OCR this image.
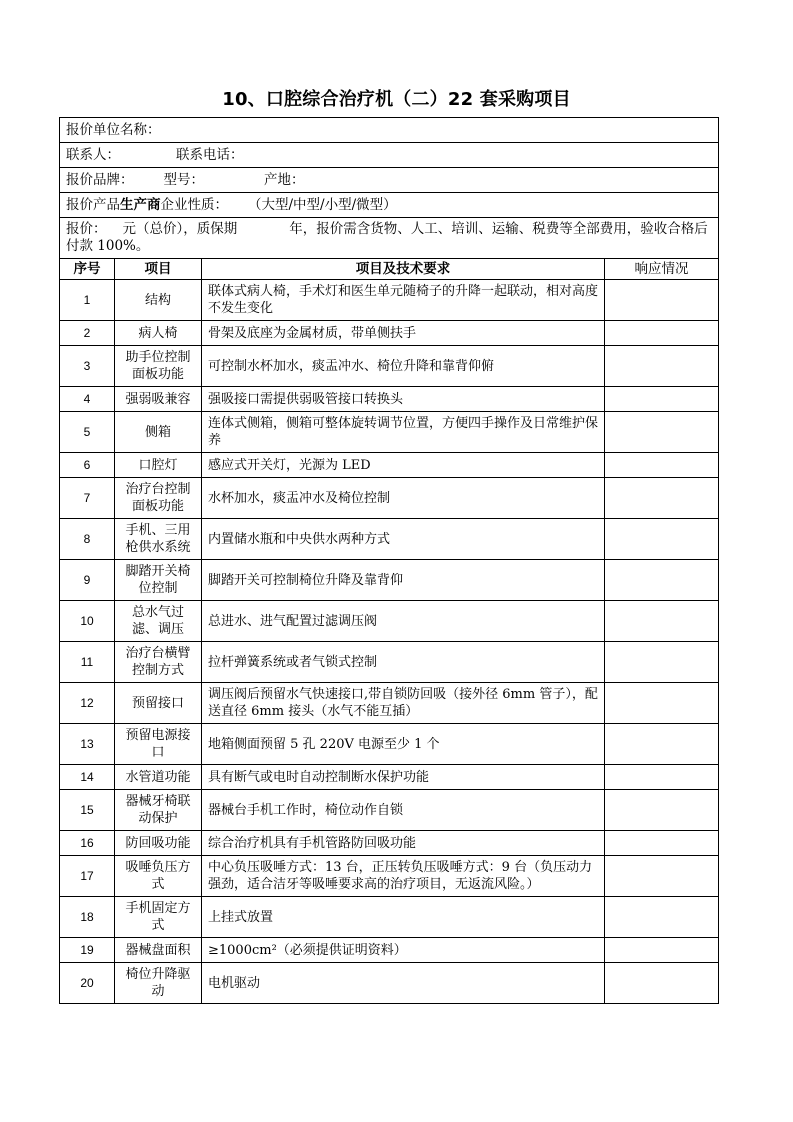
10、口腔综合治疗机（二）22 套采购项目
报价单位名称：			
联系人： 联系电话：			
报价品牌： 型号： 产地：			
报价产品生产商企业性质： （大型/中型/小型/微型）			
报价： 元（总价），质保期 年，报价需含货物、人工、培训、运输、税费等全部费用，验收合格后付款 100%。			
序号	项目	项目及技术要求	响应情况
1	结构	联体式病人椅，手术灯和医生单元随椅子的升降一起联动，相对高度不发生变化	
2	病人椅	骨架及底座为金属材质，带单侧扶手	
3	助手位控制面板功能	可控制水杯加水，痰盂冲水、椅位升降和靠背仰俯	
4	强弱吸兼容	强吸接口需提供弱吸管接口转换头	
5	侧箱	连体式侧箱，侧箱可整体旋转调节位置，方便四手操作及日常维护保养	
6	口腔灯	感应式开关灯，光源为 LED	
7	治疗台控制面板功能	水杯加水，痰盂冲水及椅位控制	
8	手机、三用枪供水系统	内置储水瓶和中央供水两种方式	
9	脚踏开关椅位控制	脚踏开关可控制椅位升降及靠背仰	
10	总水气过滤、调压	总进水、进气配置过滤调压阀	
11	治疗台横臂控制方式	拉杆弹簧系统或者气锁式控制	
12	预留接口	调压阀后预留水气快速接口,带自锁防回吸（接外径 6mm 管子），配送直径 6mm 接头（水气不能互插）	
13	预留电源接口	地箱侧面预留 5 孔 220V 电源至少 1 个	
14	水管道功能	具有断气或电时自动控制断水保护功能	
15	器械牙椅联动保护	器械台手机工作时，椅位动作自锁	
16	防回吸功能	综合治疗机具有手机管路防回吸功能	
17	吸唾负压方式	中心负压吸唾方式：13 台，正压转负压吸唾方式：9 台（负压动力强劲，适合洁牙等吸唾要求高的治疗项目，无返流风险。）	
18	手机固定方式	上挂式放置	
19	器械盘面积	≥1000cm²（必须提供证明资料）	
20	椅位升降驱动	电机驱动	
